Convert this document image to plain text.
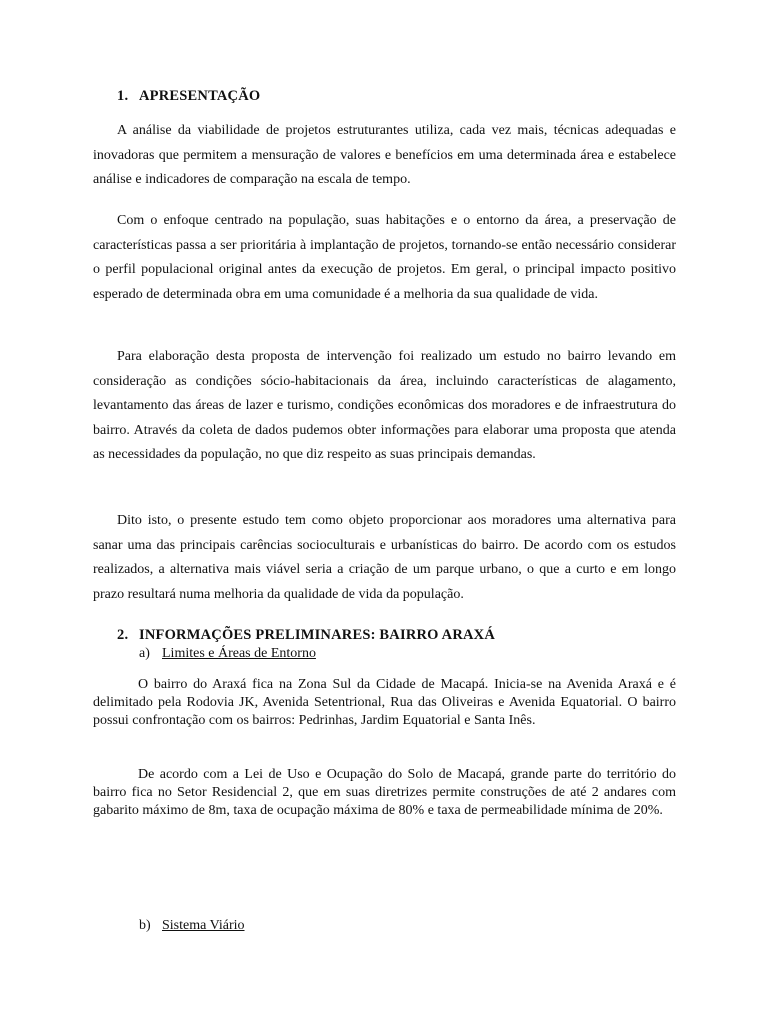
1. APRESENTAÇÃO

A análise da viabilidade de projetos estruturantes utiliza, cada vez mais, técnicas adequadas e inovadoras que permitem a mensuração de valores e benefícios em uma determinada área e estabelece análise e indicadores de comparação na escala de tempo.

Com o enfoque centrado na população, suas habitações e o entorno da área, a preservação de características passa a ser prioritária à implantação de projetos, tornando-se então necessário considerar o perfil populacional original antes da execução de projetos. Em geral, o principal impacto positivo esperado de determinada obra em uma comunidade é a melhoria da sua qualidade de vida.

Para elaboração desta proposta de intervenção foi realizado um estudo no bairro levando em consideração as condições sócio-habitacionais da área, incluindo características de alagamento, levantamento das áreas de lazer e turismo, condições econômicas dos moradores e de infraestrutura do bairro. Através da coleta de dados pudemos obter informações para elaborar uma proposta que atenda as necessidades da população, no que diz respeito as suas principais demandas.

Dito isto, o presente estudo tem como objeto proporcionar aos moradores uma alternativa para sanar uma das principais carências socioculturais e urbanísticas do bairro. De acordo com os estudos realizados, a alternativa mais viável seria a criação de um parque urbano, o que a curto e em longo prazo resultará numa melhoria da qualidade de vida da população.

2. INFORMAÇÕES PRELIMINARES: BAIRRO ARAXÁ

a) Limites e Áreas de Entorno

O bairro do Araxá fica na Zona Sul da Cidade de Macapá. Inicia-se na Avenida Araxá e é delimitado pela Rodovia JK, Avenida Setentrional, Rua das Oliveiras e Avenida Equatorial. O bairro possui confrontação com os bairros: Pedrinhas, Jardim Equatorial e Santa Inês.

De acordo com a Lei de Uso e Ocupação do Solo de Macapá, grande parte do território do bairro fica no Setor Residencial 2, que em suas diretrizes permite construções de até 2 andares com gabarito máximo de 8m, taxa de ocupação máxima de 80% e taxa de permeabilidade mínima de 20%.

b) Sistema Viário
